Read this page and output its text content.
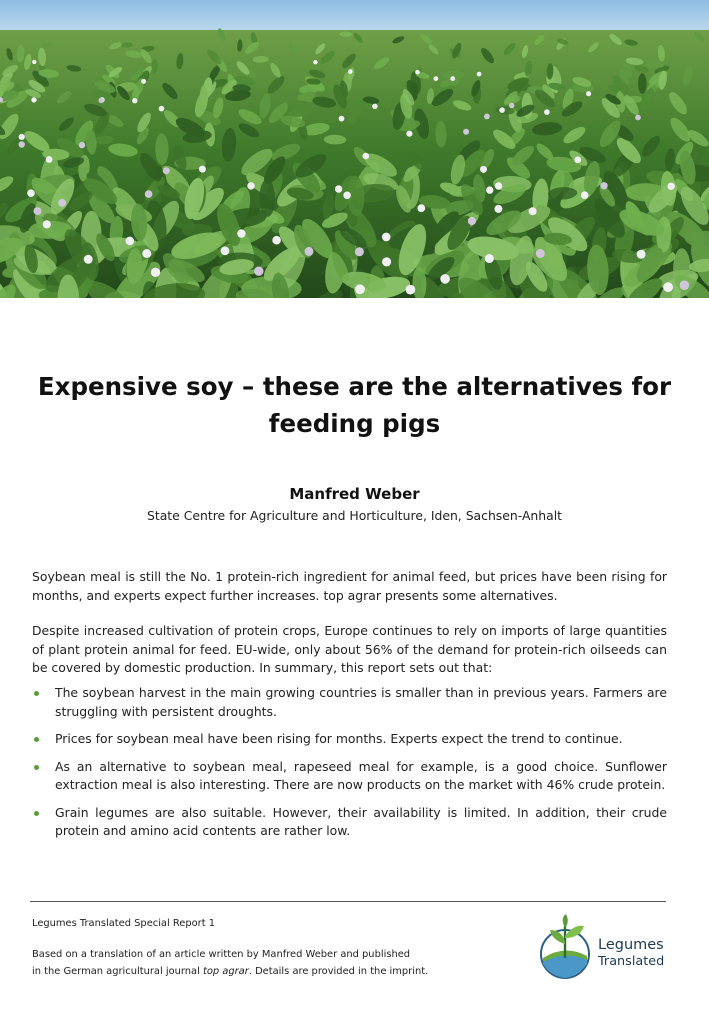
Expensive soy – these are the alternatives for feeding pigs
Manfred Weber
State Centre for Agriculture and Horticulture, Iden, Sachsen-Anhalt

Soybean meal is still the No. 1 protein-rich ingredient for animal feed, but prices have been rising for months, and experts expect further increases. top agrar presents some alternatives.

Despite increased cultivation of protein crops, Europe continues to rely on imports of large quantities of plant protein animal for feed. EU-wide, only about 56% of the demand for protein-rich oilseeds can be covered by domestic production. In summary, this report sets out that:

The soybean harvest in the main growing countries is smaller than in previous years. Farmers are struggling with persistent droughts.
Prices for soybean meal have been rising for months. Experts expect the trend to continue.
As an alternative to soybean meal, rapeseed meal for example, is a good choice. Sunflower extraction meal is also interesting. There are now products on the market with 46% crude protein.
Grain legumes are also suitable. However, their availability is limited. In addition, their crude protein and amino acid contents are rather low.
Legumes Translated Special Report 1
Based on a translation of an article written by Manfred Weber and published
in the German agricultural journal top agrar. Details are provided in the imprint.
Legumes
Translated
